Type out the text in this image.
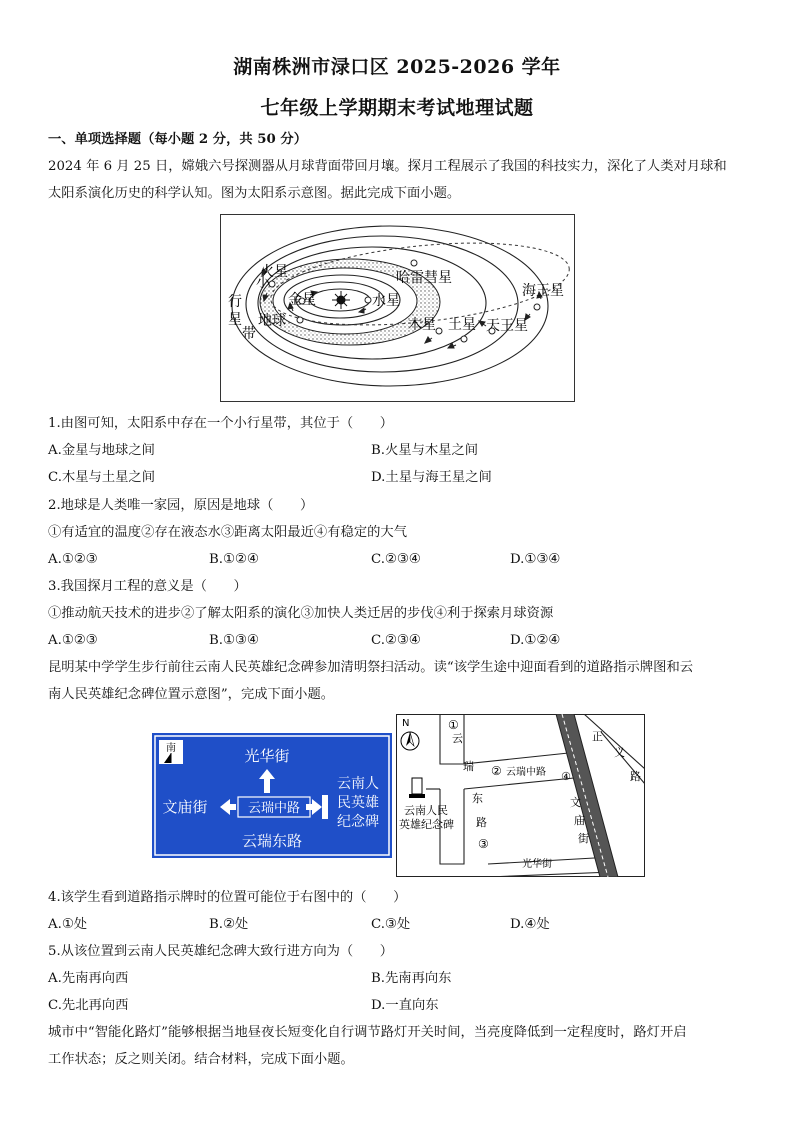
湖南株洲市渌口区 2025-2026 学年
七年级上学期期末考试地理试题
一、单项选择题（每小题 2 分，共 50 分）
2024 年 6 月 25 日，嫦娥六号探测器从月球背面带回月壤。探月工程展示了我国的科技实力，深化了人类对月球和
太阳系演化历史的科学认知。图为太阳系示意图。据此完成下面小题。
小
火星
行
星
带
金星	水星
地球
哈雷彗星
木星 土星 天王星
海王星
1.由图可知，太阳系中存在一个小行星带，其位于（　　）
A.金星与地球之间	B.火星与木星之间
C.木星与土星之间	D.土星与海王星之间
2.地球是人类唯一家园，原因是地球（　　）
①有适宜的温度②存在液态水③距离太阳最近④有稳定的大气
A.①②③	B.①②④	C.②③④	D.①③④
3.我国探月工程的意义是（　　）
①推动航天技术的进步②了解太阳系的演化③加快人类迁居的步伐④利于探索月球资源
A.①②③	B.①③④	C.②③④	D.①②④
昆明某中学学生步行前往云南人民英雄纪念碑参加清明祭扫活动。读“该学生途中迎面看到的道路指示牌图和云
南人民英雄纪念碑位置示意图”，完成下面小题。
南	光华街
文庙街	云瑞中路
云南人
民英雄
纪念碑
云瑞东路
N
云南人民
英雄纪念碑
①
云
瑞
东
路
③
② 云瑞中路
正
义
路
④
文
庙
街
光华街
4.该学生看到道路指示牌时的位置可能位于右图中的（　　）
A.①处	B.②处	C.③处	D.④处
5.从该位置到云南人民英雄纪念碑大致行进方向为（　　）
A.先南再向西	B.先南再向东
C.先北再向西	D.一直向东
城市中“智能化路灯”能够根据当地昼夜长短变化自行调节路灯开关时间，当亮度降低到一定程度时，路灯开启
工作状态；反之则关闭。结合材料，完成下面小题。
